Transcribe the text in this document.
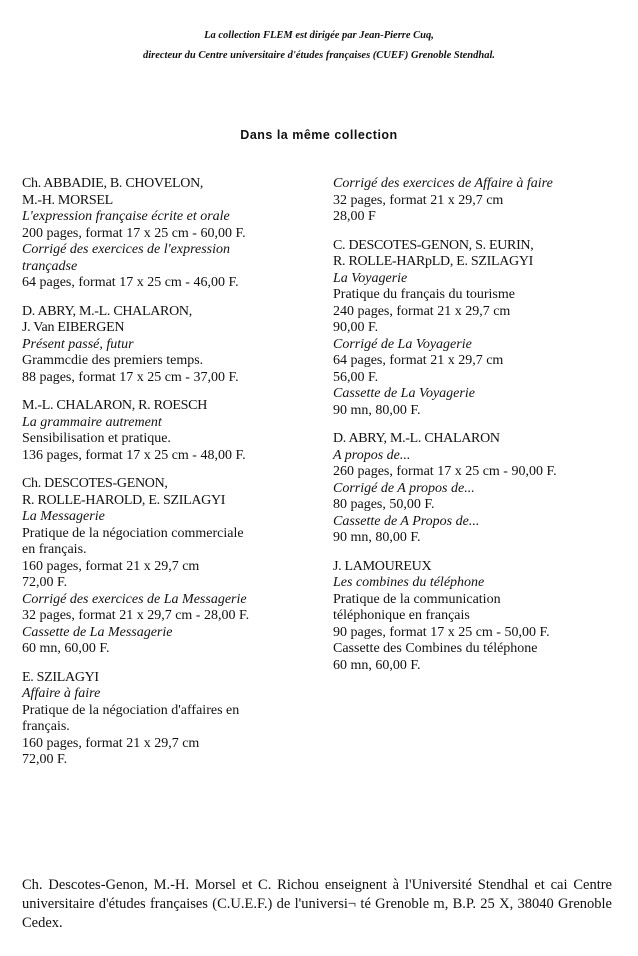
La collection FLEM est dirigée par Jean-Pierre Cuq,
directeur du Centre universitaire d'études françaises (CUEF) Grenoble Stendhal.
Dans la même collection

Ch. ABBADIE, B. CHOVELON,

M.-H. MORSEL

L'expression française écrite et orale

200 pages, format 17 x 25 cm - 60,00 F.

Corrigé des exercices de l'expression

trançadse

64 pages, format 17 x 25 cm - 46,00 F.

D. ABRY, M.-L. CHALARON,

J. Van EIBERGEN

Présent passé, futur

Grammcdie des premiers temps.

88 pages, format 17 x 25 cm - 37,00 F.

M.-L. CHALARON, R. ROESCH

La grammaire autrement

Sensibilisation et pratique.

136 pages, format 17 x 25 cm - 48,00 F.

Ch. DESCOTES-GENON,

R. ROLLE-HAROLD, E. SZILAGYI

La Messagerie

Pratique de la négociation commerciale

en français.

160 pages, format 21 x 29,7 cm

72,00 F.

Corrigé des exercices de La Messagerie

32 pages, format 21 x 29,7 cm - 28,00 F.

Cassette de La Messagerie

60 mn, 60,00 F.

E. SZILAGYI

Affaire à faire

Pratique de la négociation d'affaires en

français.

160 pages, format 21 x 29,7 cm

72,00 F.

Corrigé des exercices de Affaire à faire

32 pages, format 21 x 29,7 cm

28,00 F

C. DESCOTES-GENON, S. EURIN,

R. ROLLE-HARpLD, E. SZILAGYI

La Voyagerie

Pratique du français du tourisme

240 pages, format 21 x 29,7 cm

90,00 F.

Corrigé de La Voyagerie

64 pages, format 21 x 29,7 cm

56,00 F.

Cassette de La Voyagerie

90 mn, 80,00 F.

D. ABRY, M.-L. CHALARON

A propos de...

260 pages, format 17 x 25 cm - 90,00 F.

Corrigé de A propos de...

80 pages, 50,00 F.

Cassette de A Propos de...

90 mn, 80,00 F.

J. LAMOUREUX

Les combines du téléphone

Pratique de la communication

téléphonique en français

90 pages, format 17 x 25 cm - 50,00 F.

Cassette des Combines du téléphone

60 mn, 60,00 F.

Ch. Descotes-Genon, M.-H. Morsel et C. Richou enseignent à l'Université Stendhal et cai Centre universitaire d'études françaises (C.U.E.F.) de l'universi¬ té Grenoble m, B.P. 25 X, 38040 Grenoble Cedex.
